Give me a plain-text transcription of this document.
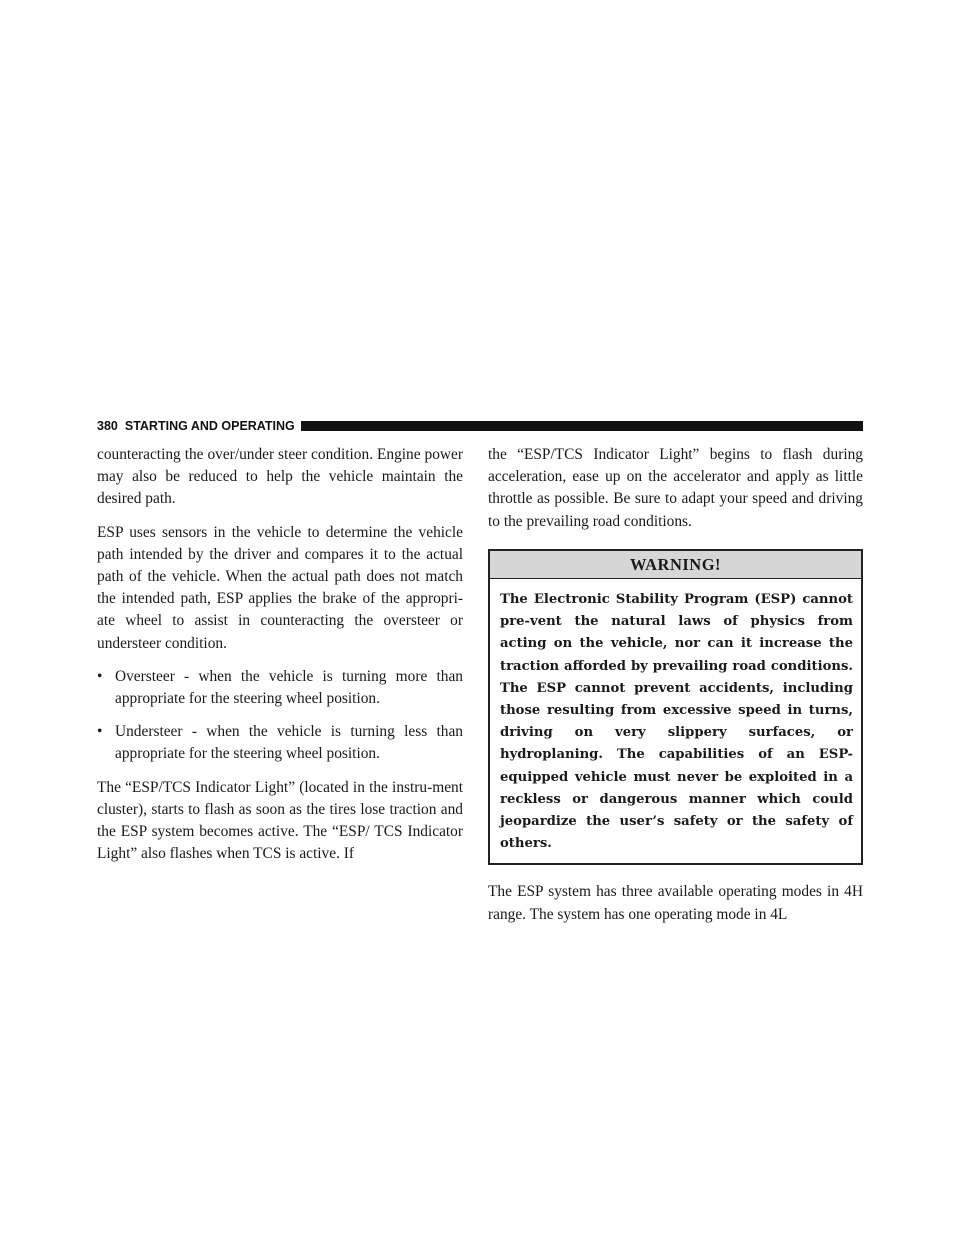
380 STARTING AND OPERATING

counteracting the over/under steer condition. Engine power may also be reduced to help the vehicle maintain the desired path.

ESP uses sensors in the vehicle to determine the vehicle path intended by the driver and compares it to the actual path of the vehicle. When the actual path does not match the intended path, ESP applies the brake of the appropri-ate wheel to assist in counteracting the oversteer or understeer condition.

• Oversteer - when the vehicle is turning more than appropriate for the steering wheel position.
• Understeer - when the vehicle is turning less than appropriate for the steering wheel position.

The “ESP/TCS Indicator Light” (located in the instru-ment cluster), starts to flash as soon as the tires lose traction and the ESP system becomes active. The “ESP/ TCS Indicator Light” also flashes when TCS is active. If

the “ESP/TCS Indicator Light” begins to flash during acceleration, ease up on the accelerator and apply as little throttle as possible. Be sure to adapt your speed and driving to the prevailing road conditions.

WARNING!
The Electronic Stability Program (ESP) cannot pre-vent the natural laws of physics from acting on the vehicle, nor can it increase the traction afforded by prevailing road conditions. The ESP cannot prevent accidents, including those resulting from excessive speed in turns, driving on very slippery surfaces, or hydroplaning. The capabilities of an ESP-equipped vehicle must never be exploited in a reckless or dangerous manner which could jeopardize the user’s safety or the safety of others.

The ESP system has three available operating modes in 4H range. The system has one operating mode in 4L
